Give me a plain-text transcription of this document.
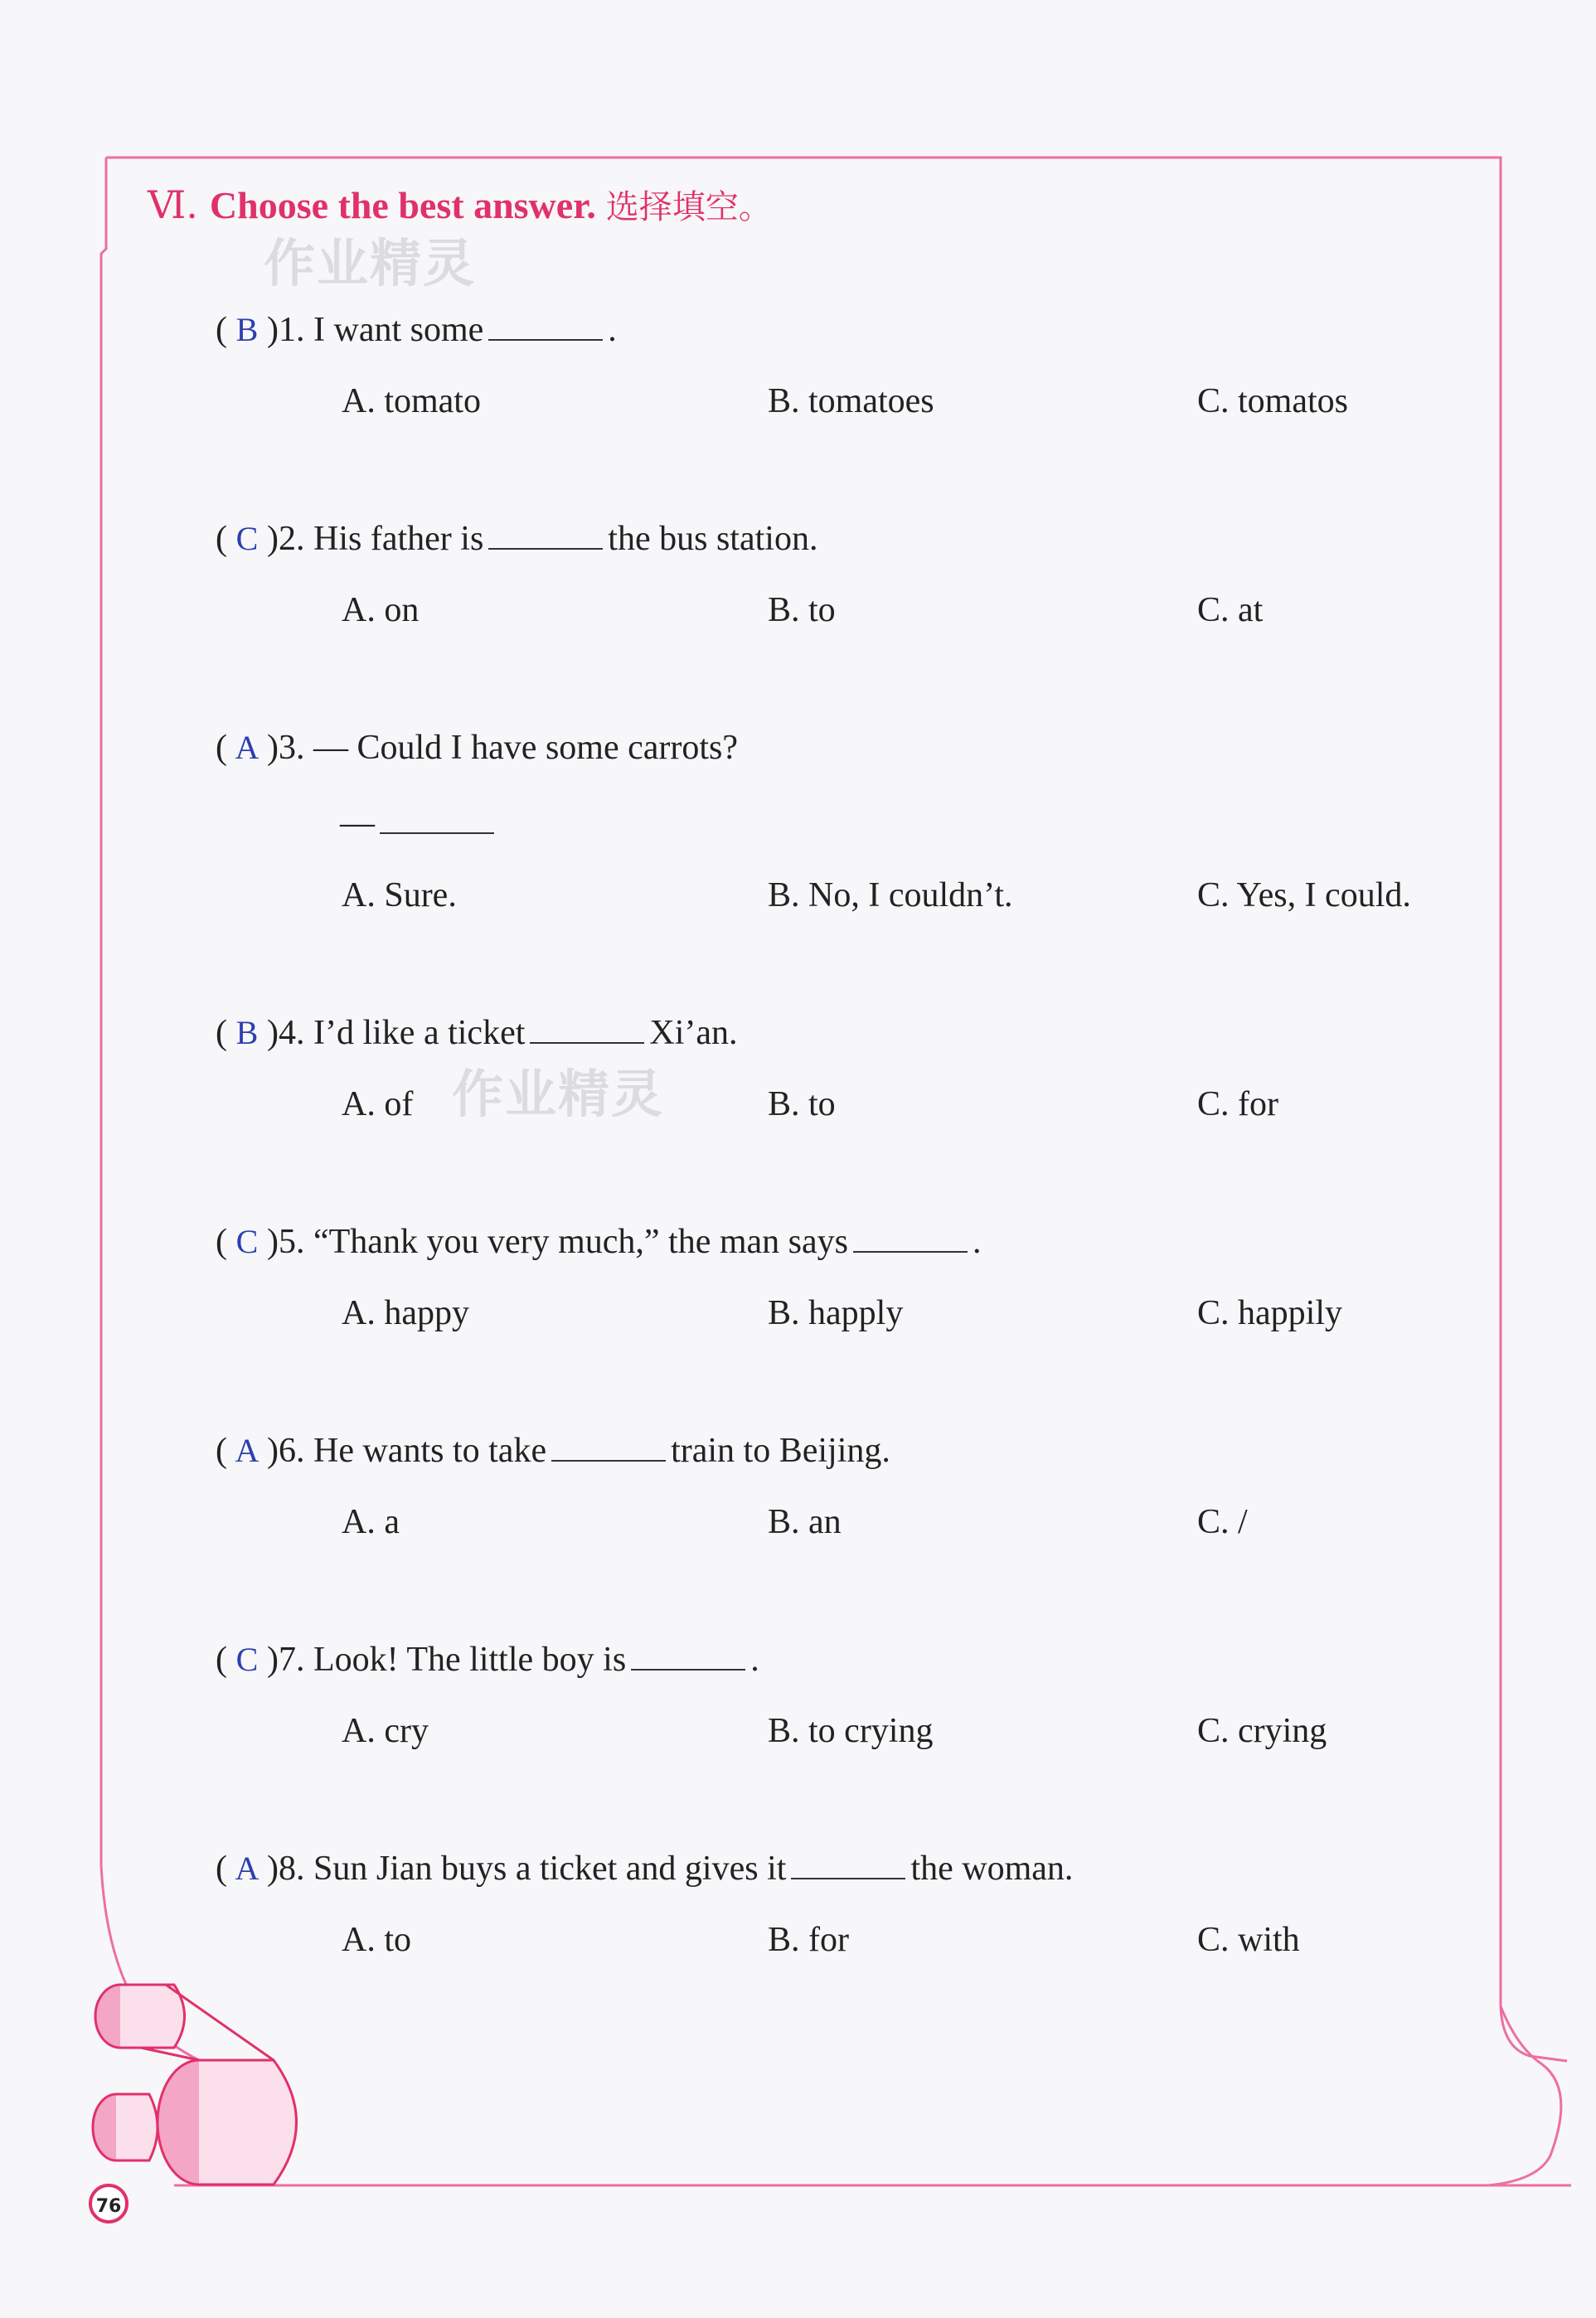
Ⅵ. Choose the best answer. 选择填空。
作业精灵
作业精灵
( B )1. I want some	.
A. tomato	B. tomatoes	C. tomatos
( C )2. His father is	the bus station.
A. on	B. to	C. at
( A )3. — Could I have some carrots?
—
A. Sure.	B. No, I couldn’t.	C. Yes, I could.
( B )4. I’d like a ticket	Xi’an.
A. of	B. to	C. for
( C )5. “Thank you very much,” the man says	.
A. happy	B. happly	C. happily
( A )6. He wants to take	train to Beijing.
A. a	B. an	C. /
( C )7. Look! The little boy is	.
A. cry	B. to crying	C. crying
( A )8. Sun Jian buys a ticket and gives it	the woman.
A. to	B. for	C. with
76
